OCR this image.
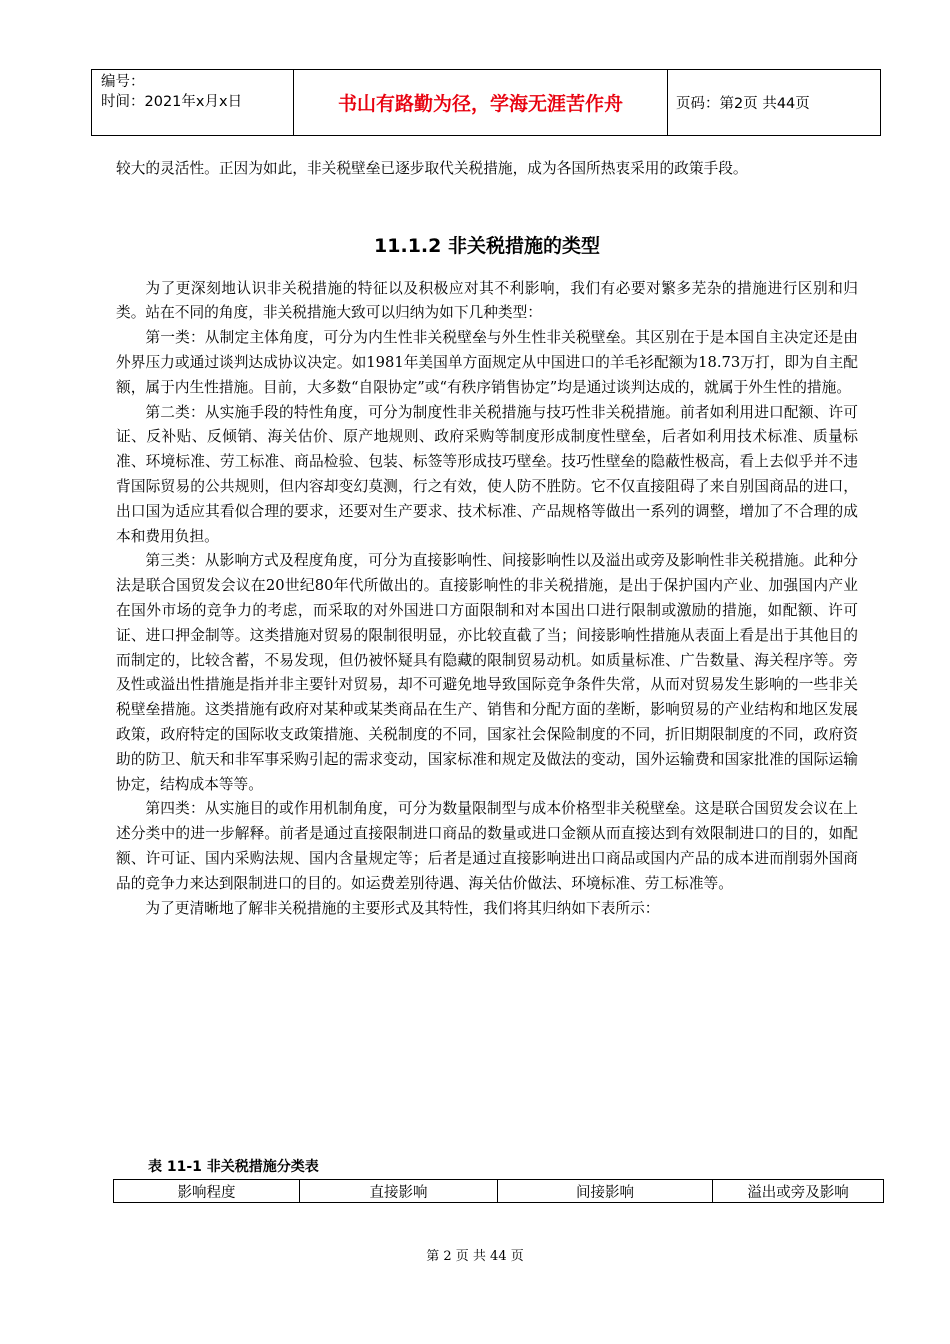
编号：
时间：2021年x月x日	书山有路勤为径，学海无涯苦作舟	页码：第2页 共44页

较大的灵活性。正因为如此，非关税壁垒已逐步取代关税措施，成为各国所热衷采用的政策手段。

11.1.2 非关税措施的类型

为了更深刻地认识非关税措施的特征以及积极应对其不利影响，我们有必要对繁多芜杂的措施进行区别和归类。站在不同的角度，非关税措施大致可以归纳为如下几种类型：

第一类：从制定主体角度，可分为内生性非关税壁垒与外生性非关税壁垒。其区别在于是本国自主决定还是由外界压力或通过谈判达成协议决定。如1981年美国单方面规定从中国进口的羊毛衫配额为18.73万打，即为自主配额，属于内生性措施。目前，大多数“自限协定”或“有秩序销售协定”均是通过谈判达成的，就属于外生性的措施。

第二类：从实施手段的特性角度，可分为制度性非关税措施与技巧性非关税措施。前者如利用进口配额、许可证、反补贴、反倾销、海关估价、原产地规则、政府采购等制度形成制度性壁垒，后者如利用技术标准、质量标准、环境标准、劳工标准、商品检验、包装、标签等形成技巧壁垒。技巧性壁垒的隐蔽性极高，看上去似乎并不违背国际贸易的公共规则，但内容却变幻莫测，行之有效，使人防不胜防。它不仅直接阻碍了来自别国商品的进口，出口国为适应其看似合理的要求，还要对生产要求、技术标准、产品规格等做出一系列的调整，增加了不合理的成本和费用负担。

第三类：从影响方式及程度角度，可分为直接影响性、间接影响性以及溢出或旁及影响性非关税措施。此种分法是联合国贸发会议在20世纪80年代所做出的。直接影响性的非关税措施，是出于保护国内产业、加强国内产业在国外市场的竞争力的考虑，而采取的对外国进口方面限制和对本国出口进行限制或激励的措施，如配额、许可证、进口押金制等。这类措施对贸易的限制很明显，亦比较直截了当；间接影响性措施从表面上看是出于其他目的而制定的，比较含蓄，不易发现，但仍被怀疑具有隐藏的限制贸易动机。如质量标准、广告数量、海关程序等。旁及性或溢出性措施是指并非主要针对贸易，却不可避免地导致国际竞争条件失常，从而对贸易发生影响的一些非关税壁垒措施。这类措施有政府对某种或某类商品在生产、销售和分配方面的垄断，影响贸易的产业结构和地区发展政策，政府特定的国际收支政策措施、关税制度的不同，国家社会保险制度的不同，折旧期限制度的不同，政府资助的防卫、航天和非军事采购引起的需求变动，国家标准和规定及做法的变动，国外运输费和国家批准的国际运输协定，结构成本等等。

第四类：从实施目的或作用机制角度，可分为数量限制型与成本价格型非关税壁垒。这是联合国贸发会议在上述分类中的进一步解释。前者是通过直接限制进口商品的数量或进口金额从而直接达到有效限制进口的目的，如配额、许可证、国内采购法规、国内含量规定等；后者是通过直接影响进出口商品或国内产品的成本进而削弱外国商品的竞争力来达到限制进口的目的。如运费差别待遇、海关估价做法、环境标准、劳工标准等。

为了更清晰地了解非关税措施的主要形式及其特性，我们将其归纳如下表所示：

表 11-1 非关税措施分类表
影响程度	直接影响	间接影响	溢出或旁及影响
第 2 页 共 44 页
